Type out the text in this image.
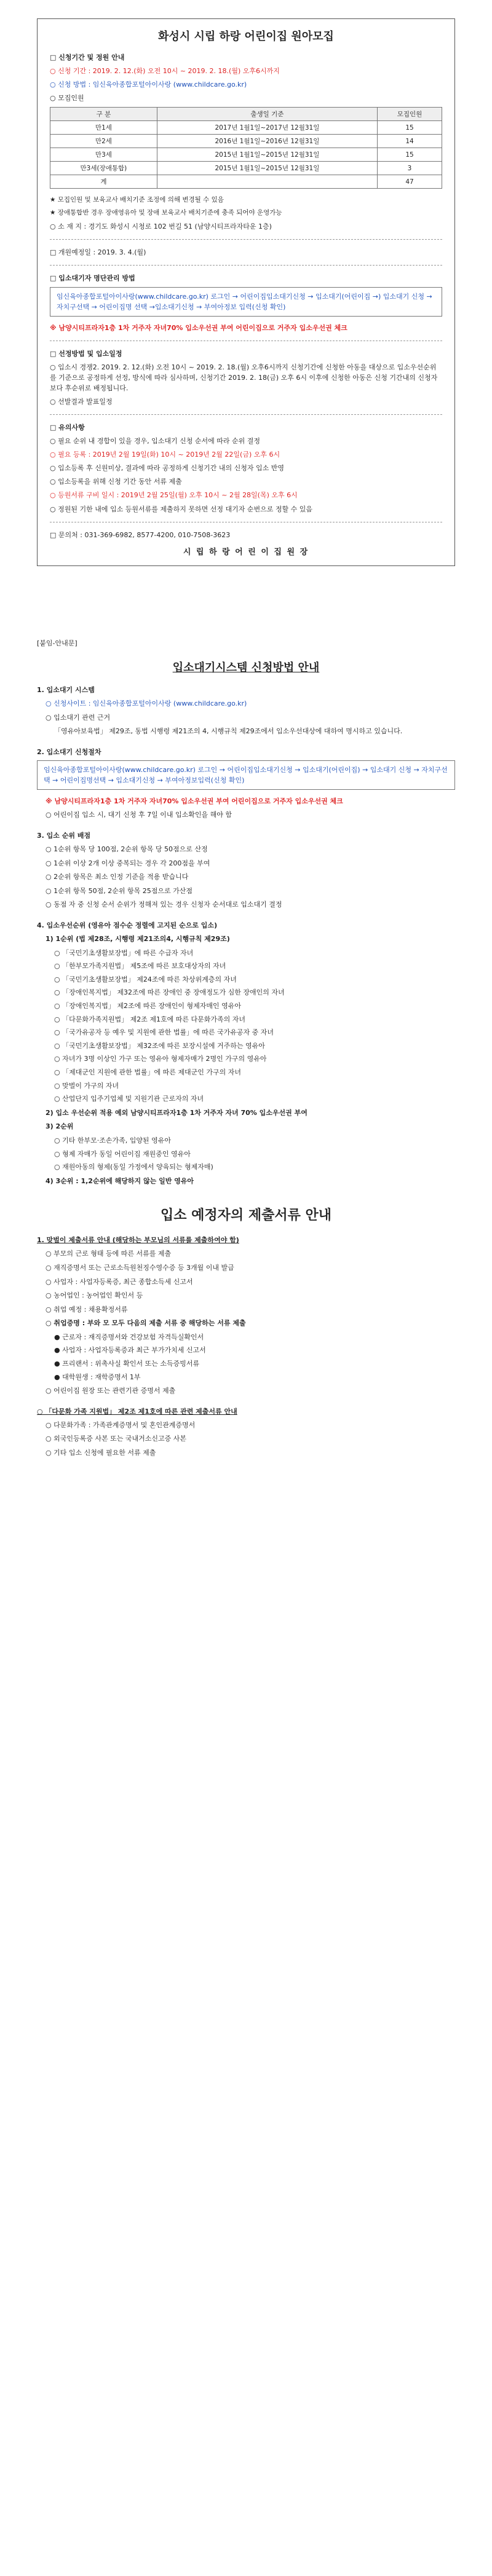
화성시 시립 하랑 어린이집 원아모집
□ 신청기간 및 정원 안내
○ 신청 기간 : 2019. 2. 12.(화) 오전 10시 ~ 2019. 2. 18.(월) 오후6시까지
○ 신청 방법 : 임신육아종합포털아이사랑 (www.childcare.go.kr)
○ 모집인원
구 분	출생일 기준	모집인원
만1세	2017년 1월1일~2017년 12월31일	15
만2세	2016년 1월1일~2016년 12월31일	14
만3세	2015년 1월1일~2015년 12월31일	15
만3세(장애통합)	2015년 1월1일~2015년 12월31일	3
계		47
★ 모집인원 및 보육교사 배치기준 조정에 의해 변경될 수 있음
★ 장애통합반 경우 장애영유아 및 장애 보육교사 배치기준에 충족 되어야 운영가능
○ 소 재 지 : 경기도 화성시 시청로 102 번길 51 (남양시티프라자타운 1층)
□ 개원예정일 : 2019. 3. 4.(월)
□ 입소대기자 명단관리 방법
임신육아종합포털아이사랑(www.childcare.go.kr) 로그인 → 어린이집입소대기신청 → 입소대기(어린이집 →) 입소대기 신청 → 자치구선택 → 어린이집명 선택 →입소대기신청 → 부여아정보 입력(신청 확인)
※ 남양시티프라자1층 1차 거주자 자녀70% 입소우선권 부여 어린이집으로 거주자 입소우선권 체크
□ 선정방법 및 입소일정
○ 입소시 경쟁2. 2019. 2. 12.(화) 오전 10시 ~ 2019. 2. 18.(월) 오후6시까지 신청기간에 신청한 아동을 대상으로 입소우선순위를 기준으로 공정하게 선정, 방식에 따라 심사하며, 신청기간 2019. 2. 18(금) 오후 6시 이후에 신청한 아동은 신청 기간내의 신청자보다 후순위로 배정됩니다.
○ 선발결과 발표일정
□ 유의사항
○ 필요 순위 내 경합이 있을 경우, 입소대기 신청 순서에 따라 순위 결정
○ 필요 등록 : 2019년 2월 19일(화) 10시 ~ 2019년 2월 22일(금) 오후 6시
○ 입소등록 후 신원미상, 결과에 따라 공정하게 신청기간 내의 신청자 입소 반영
○ 입소등록을 위해 신청 기간 동안 서류 제출
○ 등원서류 구비 일시 : 2019년 2월 25일(월) 오후 10시 ~ 2월 28일(목) 오후 6시
○ 정원된 기한 내에 입소 등원서류를 제출하지 못하면 선정 대기자 순번으로 정할 수 있음
□ 문의처 : 031-369-6982, 8577-4200, 010-7508-3623
시 립 하 랑 어 린 이 집 원 장
[붙임-안내문]
입소대기시스템 신청방법 안내
1. 입소대기 시스템
○ 신청사이트 : 임신육아종합포털아이사랑 (www.childcare.go.kr)
○ 입소대기 관련 근거
「영유아보육법」 제29조, 동법 시행령 제21조의 4, 시행규칙 제29조에서 입소우선대상에 대하여 명시하고 있습니다.
2. 입소대기 신청절차
임신육아종합포털아이사랑(www.childcare.go.kr) 로그인 → 어린이집입소대기신청 → 입소대기(어린이집) → 입소대기 신청 → 자치구선택 → 어린이집명선택 → 입소대기신청 → 부여아정보입력(신청 확인)
※ 남양시티프라자1층 1차 거주자 자녀70% 입소우선권 부여 어린이집으로 거주자 입소우선권 체크
○ 어린이집 입소 시, 대기 신청 후 7일 이내 입소확인을 해야 함
3. 입소 순위 배점
○ 1순위 항목 당 100점, 2순위 항목 당 50점으로 산정
○ 1순위 이상 2개 이상 중복되는 경우 각 200점을 부여
○ 2순위 항목은 최소 인정 기준을 적용 받습니다
○ 1순위 항목 50점, 2순위 항목 25점으로 가산점
○ 동점 자 중 신청 순서 순위가 정해져 있는 경우 신청자 순서대로 입소대기 결정
4. 입소우선순위 (영유아 점수순 정렬에 고지된 순으로 입소)
1) 1순위 (법 제28조, 시행령 제21조의4, 시행규칙 제29조)
○ 「국민기초생활보장법」에 따른 수급자 자녀
○ 「한부모가족지원법」 제5조에 따른 보호대상자의 자녀
○ 「국민기초생활보장법」 제24조에 따른 차상위계층의 자녀
○ 「장애인복지법」 제32조에 따른 장애인 중 장애정도가 심한 장애인의 자녀
○ 「장애인복지법」 제2조에 따른 장애인이 형제자매인 영유아
○ 「다문화가족지원법」 제2조 제1호에 따른 다문화가족의 자녀
○ 「국가유공자 등 예우 및 지원에 관한 법률」에 따른 국가유공자 중 자녀
○ 「국민기초생활보장법」 제32조에 따른 보장시설에 거주하는 영유아
○ 자녀가 3명 이상인 가구 또는 영유아 형제자매가 2명인 가구의 영유아
○ 「제대군인 지원에 관한 법률」에 따른 제대군인 가구의 자녀
○ 맞벌이 가구의 자녀
○ 산업단지 입주기업체 및 지원기관 근로자의 자녀
2) 입소 우선순위 적용 예외 남양시티프라자1층 1차 거주자 자녀 70% 입소우선권 부여
3) 2순위
○ 기타 한부모·조손가족, 입양된 영유아
○ 형제 자매가 동일 어린이집 재원중인 영유아
○ 재원아동의 형제(동일 가정에서 양육되는 형제자매)
4) 3순위 : 1,2순위에 해당하지 않는 일반 영유아
입소 예정자의 제출서류 안내
1. 맞벌이 제출서류 안내 (해당하는 부모님의 서류를 제출하여야 함)
○ 부모의 근로 형태 등에 따른 서류를 제출
○ 재직증명서 또는 근로소득원천징수영수증 등 3개월 이내 발급
○ 사업자 : 사업자등록증, 최근 종합소득세 신고서
○ 농어업인 : 농어업인 확인서 등
○ 취업 예정 : 채용확정서류
○ 취업증명 : 부와 모 모두 다음의 제출 서류 중 해당하는 서류 제출
● 근로자 : 재직증명서와 건강보험 자격득실확인서
● 사업자 : 사업자등록증과 최근 부가가치세 신고서
● 프리랜서 : 위촉사실 확인서 또는 소득증빙서류
● 대학원생 : 재학증명서 1부
○ 어린이집 원장 또는 관련기관 증명서 제출
○ 「다문화 가족 지원법」 제2조 제1호에 따른 관련 제출서류 안내
○ 다문화가족 : 가족관계증명서 및 혼인관계증명서
○ 외국인등록증 사본 또는 국내거소신고증 사본
○ 기타 입소 신청에 필요한 서류 제출
